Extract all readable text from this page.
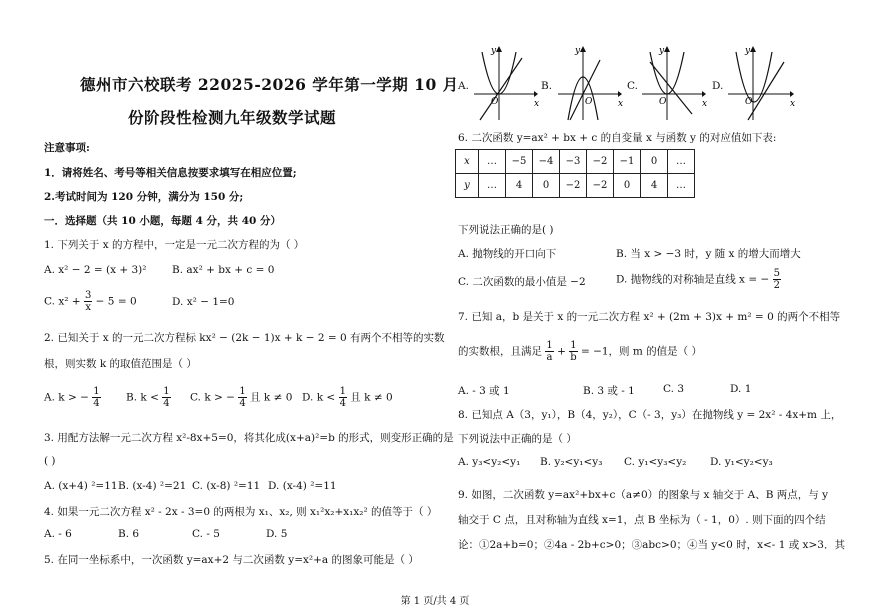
德州市六校联考 22025-2026 学年第一学期 10 月
份阶段性检测九年级数学试题
注意事项:
1．请将姓名、考号等相关信息按要求填写在相应位置;
2.考试时间为 120 分钟，满分为 150 分;
一．选择题（共 10 小题，每题 4 分，共 40 分）
1. 下列关于 x 的方程中，一定是一元二次方程的为（ ）
A. x² − 2 = (x + 3)² B. ax² + bx + c = 0
C. $x^2 + \frac{3}{x} - 5 = 0$	D. x² − 1=0
2. 已知关于 x 的一元二次方程标 kx² − (2k − 1)x + k − 2 = 0 有两个不相等的实数
根，则实数 k 的取值范围是（ ）
A. k > − $\frac{1}{4} B$. $k < \frac{1}{4} C$. k > − $\frac{1}{4}$ 且 k ≠ 0 D. $k < \frac{1}{4}$ 且 k ≠ 0
3. 用配方法解一元二次方程 x²-8x+5=0，将其化成(x+a)²=b 的形式，则变形正确的是
( )
A. (x+4) ²=11 B. (x-4) ²=21 C. (x-8) ²=11 D. (x-4) ²=11
4. 如果一元二次方程 x² - 2x - 3=0 的两根为 x₁、x₂, 则 x₁²x₂+x₁x₂² 的值等于（ ）
A. - 6	B. 6	C. - 5	D. 5
5. 在同一坐标系中，一次函数 y=ax+2 与二次函数 y=x²+a 的图象可能是（ ）
A.	B.	C.	D.
x
y
O	x
y
O	x
y
O	x
y
O
6. 二次函数 y=ax² + bx + c 的自变量 x 与函数 y 的对应值如下表:
x	…	−5	−4	−3	−2	−1	0	…
y	…	4	0	−2	−2	0	4	…
下列说法正确的是( )
A. 抛物线的开口向下	B. 当 x > −3 时，y 随 x 的增大而增大
C. 二次函数的最小值是 −2	D. 抛物线的对称轴是直线 x = − $\frac{5}{2}$
7. 已知 a，b 是关于 x 的一元二次方程 x² + (2m + 3)x + m² = 0 的两个不相等
的实数根，且满足 $\frac{1}{a} + \frac{1}{b} = -1$，则 m 的值是（ ）
A. - 3 或 1	B. 3 或 - 1	C. 3	D. 1
8. 已知点 A（3，y₁），B（4，y₂），C（- 3，y₃）在抛物线 y = 2x² - 4x+m 上，
下列说法中正确的是（ ）
A. y₃<y₂<y₁ B. y₂<y₁<y₃ C. y₁<y₃<y₂ D. y₁<y₂<y₃
9. 如图，二次函数 y=ax²+bx+c（a≠0）的图象与 x 轴交于 A、B 两点，与 y
轴交于 C 点，且对称轴为直线 x=1，点 B 坐标为（ - 1，0）. 则下面的四个结
论：①2a+b=0；②4a - 2b+c>0；③abc>0；④当 y<0 时，x<- 1 或 x>3．其
第 1 页/共 4 页
